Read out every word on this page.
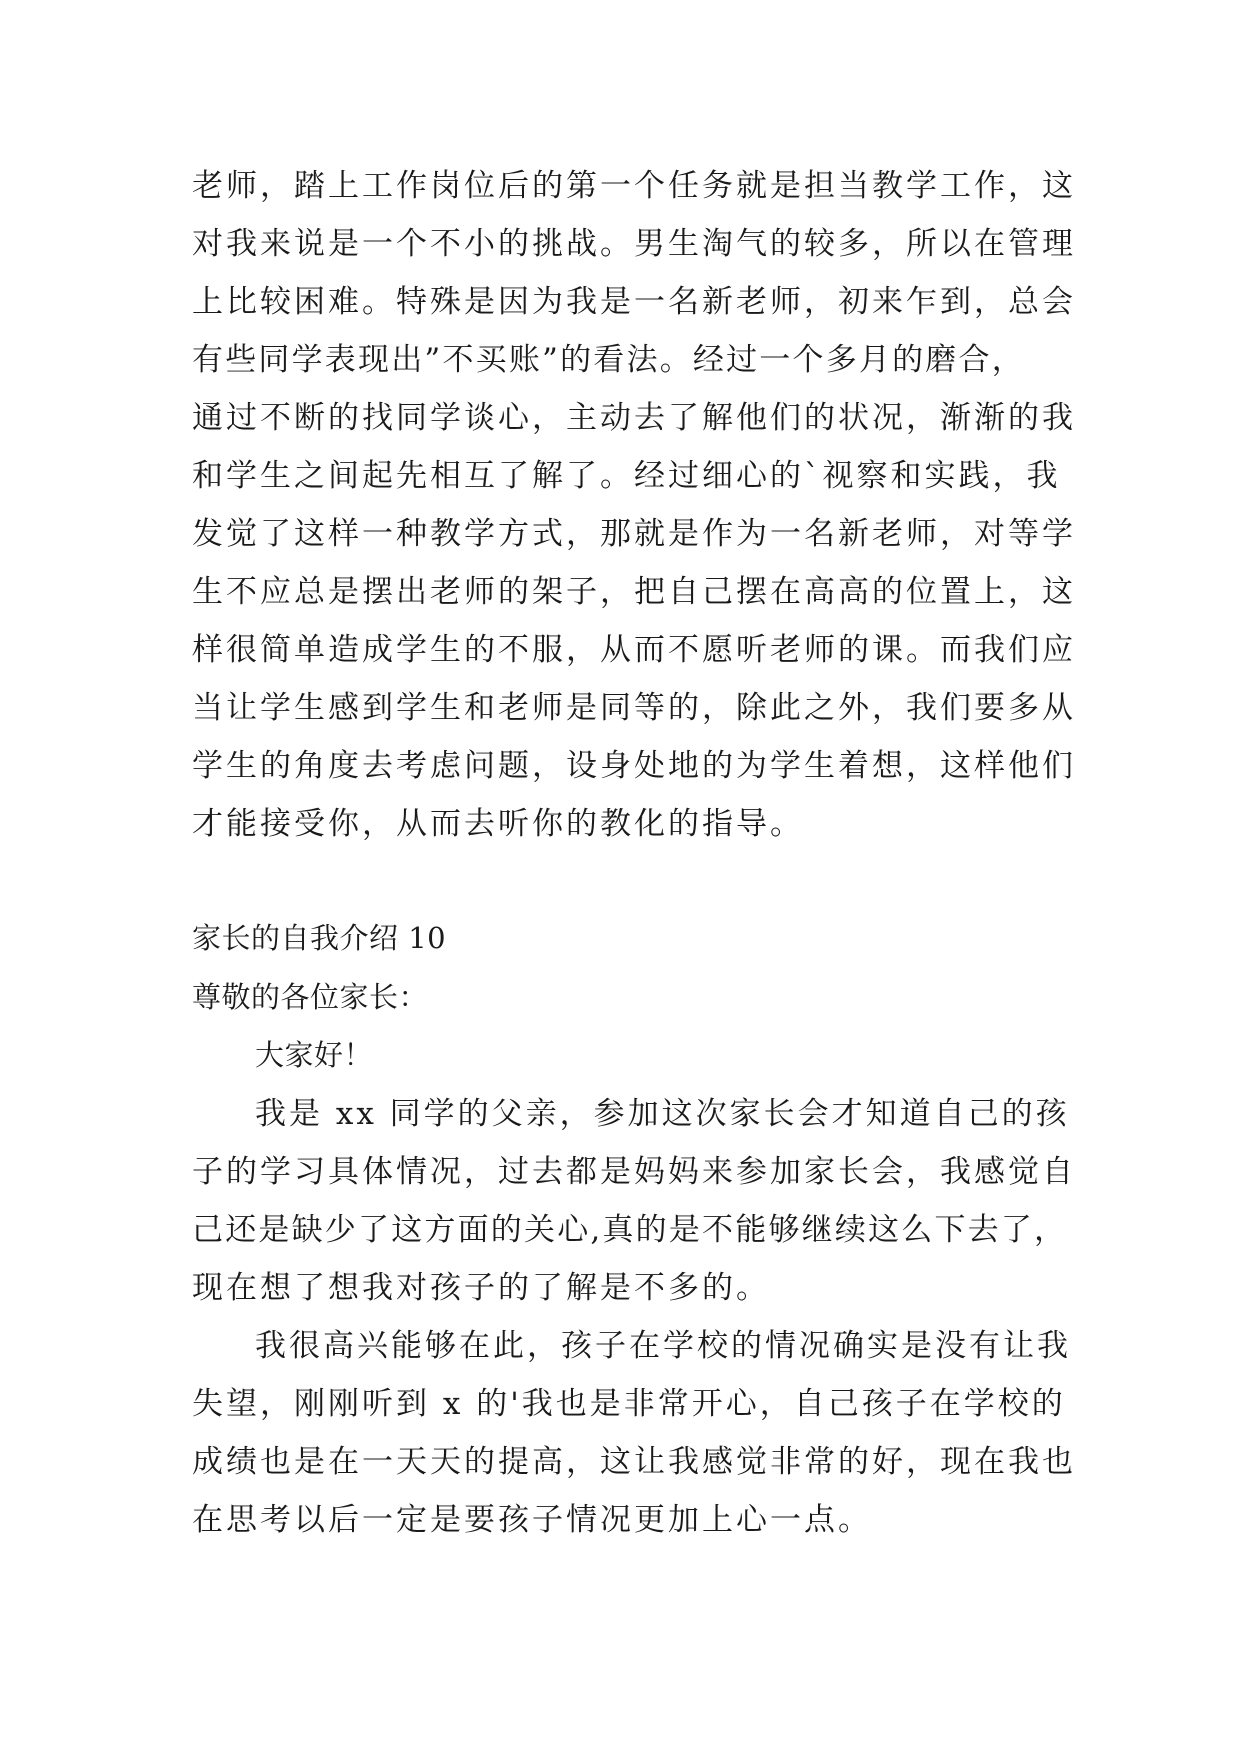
老师，踏上工作岗位后的第一个任务就是担当教学工作，这
对我来说是一个不小的挑战。男生淘气的较多，所以在管理
上比较困难。特殊是因为我是一名新老师，初来乍到，总会
有些同学表现出”不买账”的看法。经过一个多月的磨合，
通过不断的找同学谈心，主动去了解他们的状况，渐渐的我
和学生之间起先相互了解了。经过细心的`视察和实践，我
发觉了这样一种教学方式，那就是作为一名新老师，对等学
生不应总是摆出老师的架子，把自己摆在高高的位置上，这
样很简单造成学生的不服，从而不愿听老师的课。而我们应
当让学生感到学生和老师是同等的，除此之外，我们要多从
学生的角度去考虑问题，设身处地的为学生着想，这样他们
才能接受你，从而去听你的教化的指导。
家长的自我介绍 10
尊敬的各位家长：
大家好！
我是 xx 同学的父亲，参加这次家长会才知道自己的孩
子的学习具体情况，过去都是妈妈来参加家长会，我感觉自
己还是缺少了这方面的关心,真的是不能够继续这么下去了，
现在想了想我对孩子的了解是不多的。
我很高兴能够在此，孩子在学校的情况确实是没有让我
失望，刚刚听到 x 的'我也是非常开心，自己孩子在学校的
成绩也是在一天天的提高，这让我感觉非常的好，现在我也
在思考以后一定是要孩子情况更加上心一点。
